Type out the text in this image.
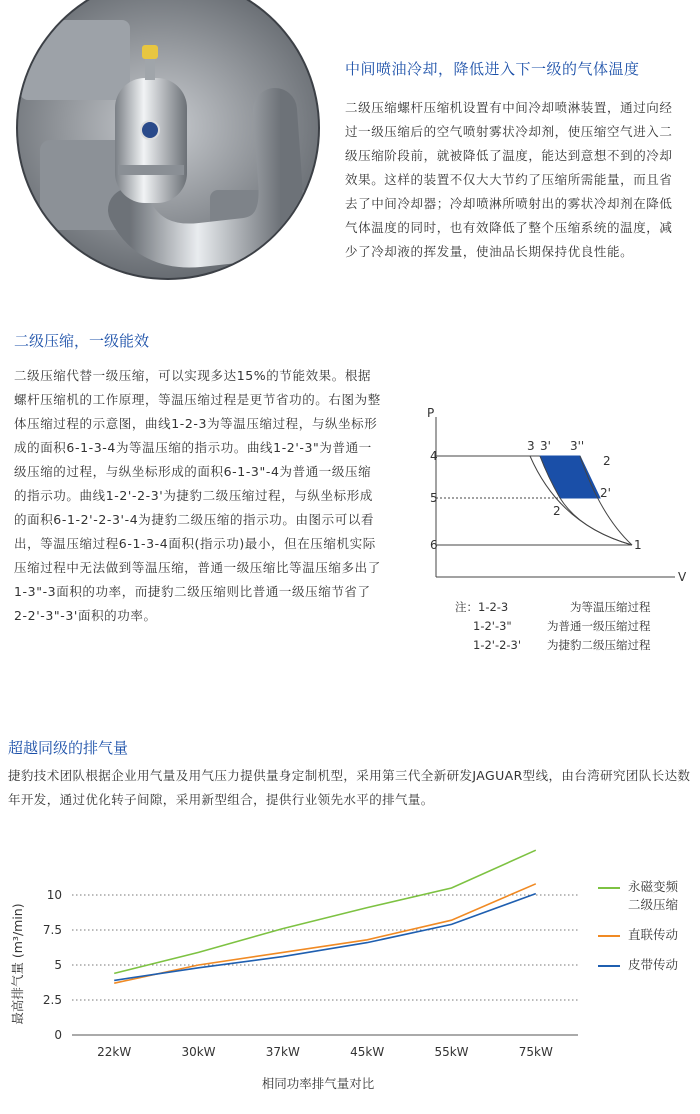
中间喷油冷却，降低进入下一级的气体温度
二级压缩螺杆压缩机设置有中间冷却喷淋装置，通过向经过一级压缩后的空气喷射雾状冷却剂，使压缩空气进入二级压缩阶段前，就被降低了温度，能达到意想不到的冷却效果。这样的装置不仅大大节约了压缩所需能量，而且省去了中间冷却器；冷却喷淋所喷射出的雾状冷却剂在降低气体温度的同时，也有效降低了整个压缩系统的温度，减少了冷却液的挥发量，使油品长期保持优良性能。
二级压缩，一级能效
二级压缩代替一级压缩，可以实现多达15%的节能效果。根据螺杆压缩机的工作原理，等温压缩过程是更节省功的。右图为整体压缩过程的示意图，曲线1-2-3为等温压缩过程，与纵坐标形成的面积6-1-3-4为等温压缩的指示功。曲线1-2'-3"为普通一级压缩的过程，与纵坐标形成的面积6-1-3"-4为普通一级压缩的指示功。曲线1-2'-2-3'为捷豹二级压缩过程，与纵坐标形成的面积6-1-2'-2-3'-4为捷豹二级压缩的指示功。由图示可以看出，等温压缩过程6-1-3-4面积(指示功)最小，但在压缩机实际压缩过程中无法做到等温压缩，普通一级压缩比等温压缩多出了1-3"-3面积的功率，而捷豹二级压缩则比普通一级压缩节省了2-2'-3"-3'面积的功率。
P
V
4
5
6	1
2
2
2'
3 3' 3''
注： 1-2-3	为等温压缩过程
1-2'-3"	为普通一级压缩过程
1-2'-2-3'	为捷豹二级压缩过程
超越同级的排气量
捷豹技术团队根据企业用气量及用气压力提供量身定制机型，采用第三代全新研发JAGUAR型线，由台湾研究团队长达数年开发，通过优化转子间隙，采用新型组合，提供行业领先水平的排气量。
最高排气量 (m³/min)
相同功率排气量对比
0
2.5
5
7.5
10
22kW	30kW	37kW	45kW	55kW	75kW
永磁变频
二级压缩
直联传动
皮带传动
